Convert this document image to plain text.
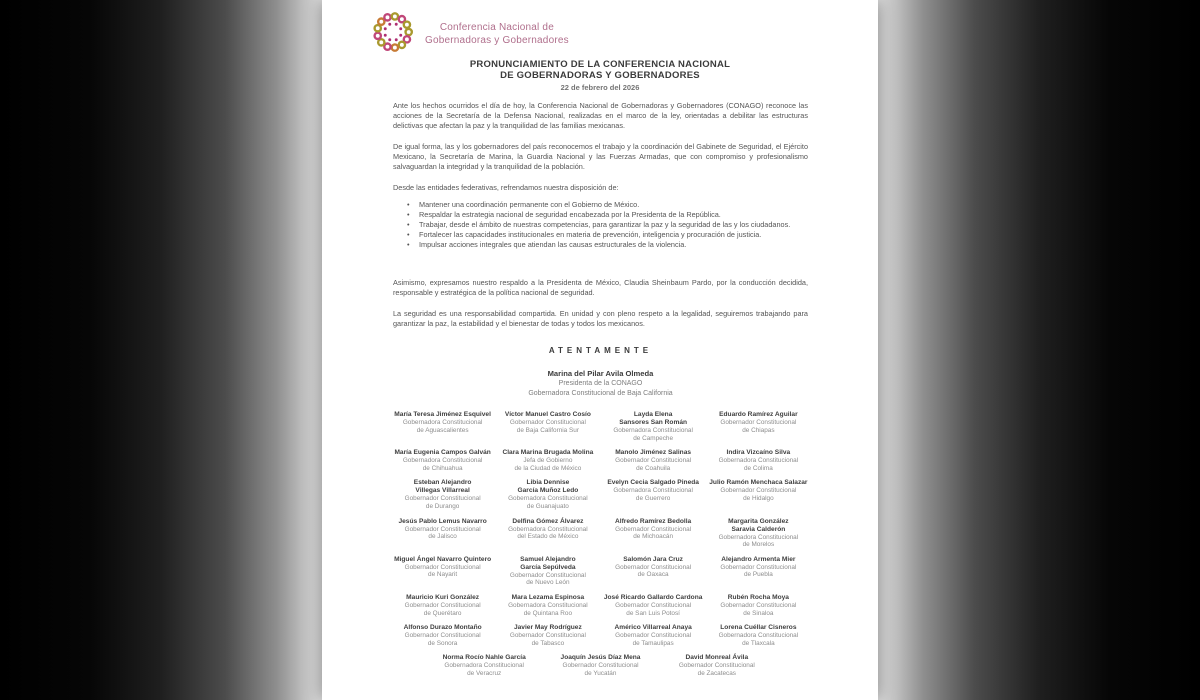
Conferencia Nacional de
Gobernadoras y Gobernadores
PRONUNCIAMIENTO DE LA CONFERENCIA NACIONAL
DE GOBERNADORAS Y GOBERNADORES
22 de febrero del 2026

Ante los hechos ocurridos el día de hoy, la Conferencia Nacional de Gobernadoras y Gobernadores (CONAGO) reconoce las acciones de la Secretaría de la Defensa Nacional, realizadas en el marco de la ley, orientadas a debilitar las estructuras delictivas que afectan la paz y la tranquilidad de las familias mexicanas.

De igual forma, las y los gobernadores del país reconocemos el trabajo y la coordinación del Gabinete de Seguridad, el Ejército Mexicano, la Secretaría de Marina, la Guardia Nacional y las Fuerzas Armadas, que con compromiso y profesionalismo salvaguardan la integridad y la tranquilidad de la población.

Desde las entidades federativas, refrendamos nuestra disposición de:

• Mantener una coordinación permanente con el Gobierno de México.
• Respaldar la estrategia nacional de seguridad encabezada por la Presidenta de la República.
• Trabajar, desde el ámbito de nuestras competencias, para garantizar la paz y la seguridad de las y los ciudadanos.
• Fortalecer las capacidades institucionales en materia de prevención, inteligencia y procuración de justicia.
• Impulsar acciones integrales que atiendan las causas estructurales de la violencia.

Asimismo, expresamos nuestro respaldo a la Presidenta de México, Claudia Sheinbaum Pardo, por la conducción decidida, responsable y estratégica de la política nacional de seguridad.

La seguridad es una responsabilidad compartida. En unidad y con pleno respeto a la legalidad, seguiremos trabajando para garantizar la paz, la estabilidad y el bienestar de todas y todos los mexicanos.

ATENTAMENTE
Marina del Pilar Avila Olmeda
Presidenta de la CONAGO
Gobernadora Constitucional de Baja California
María Teresa Jiménez Esquivel
Gobernadora Constitucional
de Aguascalientes
Víctor Manuel Castro Cosío
Gobernador Constitucional
de Baja California Sur
Layda Elena
Sansores San Román
Gobernadora Constitucional
de Campeche
Eduardo Ramírez Aguilar
Gobernador Constitucional
de Chiapas
María Eugenia Campos Galván
Gobernadora Constitucional
de Chihuahua
Clara Marina Brugada Molina
Jefa de Gobierno
de la Ciudad de México
Manolo Jiménez Salinas
Gobernador Constitucional
de Coahuila
Indira Vizcaíno Silva
Gobernadora Constitucional
de Colima
Esteban Alejandro
Villegas Villarreal
Gobernador Constitucional
de Durango
Libia Dennise
García Muñoz Ledo
Gobernadora Constitucional
de Guanajuato
Evelyn Cecia Salgado Pineda
Gobernadora Constitucional
de Guerrero
Julio Ramón Menchaca Salazar
Gobernador Constitucional
de Hidalgo
Jesús Pablo Lemus Navarro
Gobernador Constitucional
de Jalisco
Delfina Gómez Álvarez
Gobernadora Constitucional
del Estado de México
Alfredo Ramírez Bedolla
Gobernador Constitucional
de Michoacán
Margarita González
Saravia Calderón
Gobernadora Constitucional
de Morelos
Miguel Ángel Navarro Quintero
Gobernador Constitucional
de Nayarit
Samuel Alejandro
García Sepúlveda
Gobernador Constitucional
de Nuevo León
Salomón Jara Cruz
Gobernador Constitucional
de Oaxaca
Alejandro Armenta Mier
Gobernador Constitucional
de Puebla
Mauricio Kuri González
Gobernador Constitucional
de Querétaro
Mara Lezama Espinosa
Gobernadora Constitucional
de Quintana Roo
José Ricardo Gallardo Cardona
Gobernador Constitucional
de San Luis Potosí
Rubén Rocha Moya
Gobernador Constitucional
de Sinaloa
Alfonso Durazo Montaño
Gobernador Constitucional
de Sonora
Javier May Rodríguez
Gobernador Constitucional
de Tabasco
Américo Villarreal Anaya
Gobernador Constitucional
de Tamaulipas
Lorena Cuéllar Cisneros
Gobernadora Constitucional
de Tlaxcala
Norma Rocío Nahle García
Gobernadora Constitucional
de Veracruz
Joaquín Jesús Díaz Mena
Gobernador Constitucional
de Yucatán
David Monreal Ávila
Gobernador Constitucional
de Zacatecas
